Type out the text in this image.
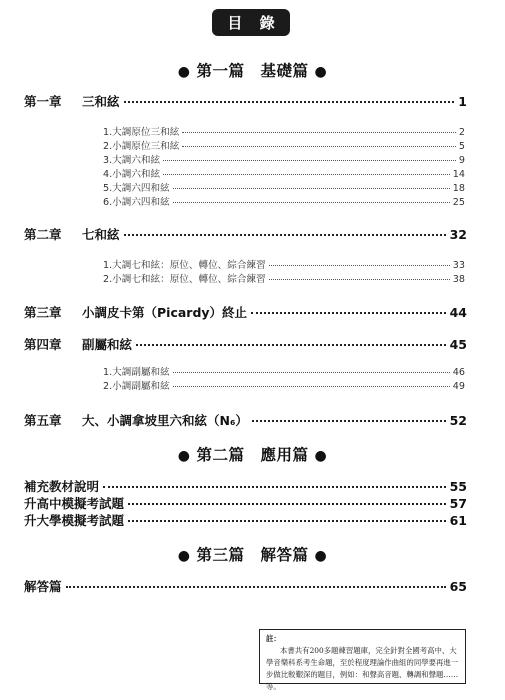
目 錄
● 第一篇　基礎篇 ●
第一章	三和絃	1
1.大調原位三和絃	2
2.小調原位三和絃	5
3.大調六和絃	9
4.小調六和絃	14
5.大調六四和絃	18
6.小調六四和絃	25
第二章	七和絃	32
1.大調七和絃：原位、轉位、綜合練習	33
2.小調七和絃：原位、轉位、綜合練習	38
第三章	小調皮卡第（Picardy）終止	44
第四章	副屬和絃	45
1.大調副屬和絃	46
2.小調副屬和絃	49
第五章	大、小調拿坡里六和絃（N₆）	52
● 第二篇　應用篇 ●
補充教材說明	55
升高中模擬考試題	57
升大學模擬考試題	61
● 第三篇　解答篇 ●
解答篇	65
註：
本書共有200多題練習題庫，完全針對全國考高中、大學音樂科系考生命題，至於程度理論作曲組的同學要再進一步做比較艱深的題目，例如：和聲高音題、轉調和聲題……等。
